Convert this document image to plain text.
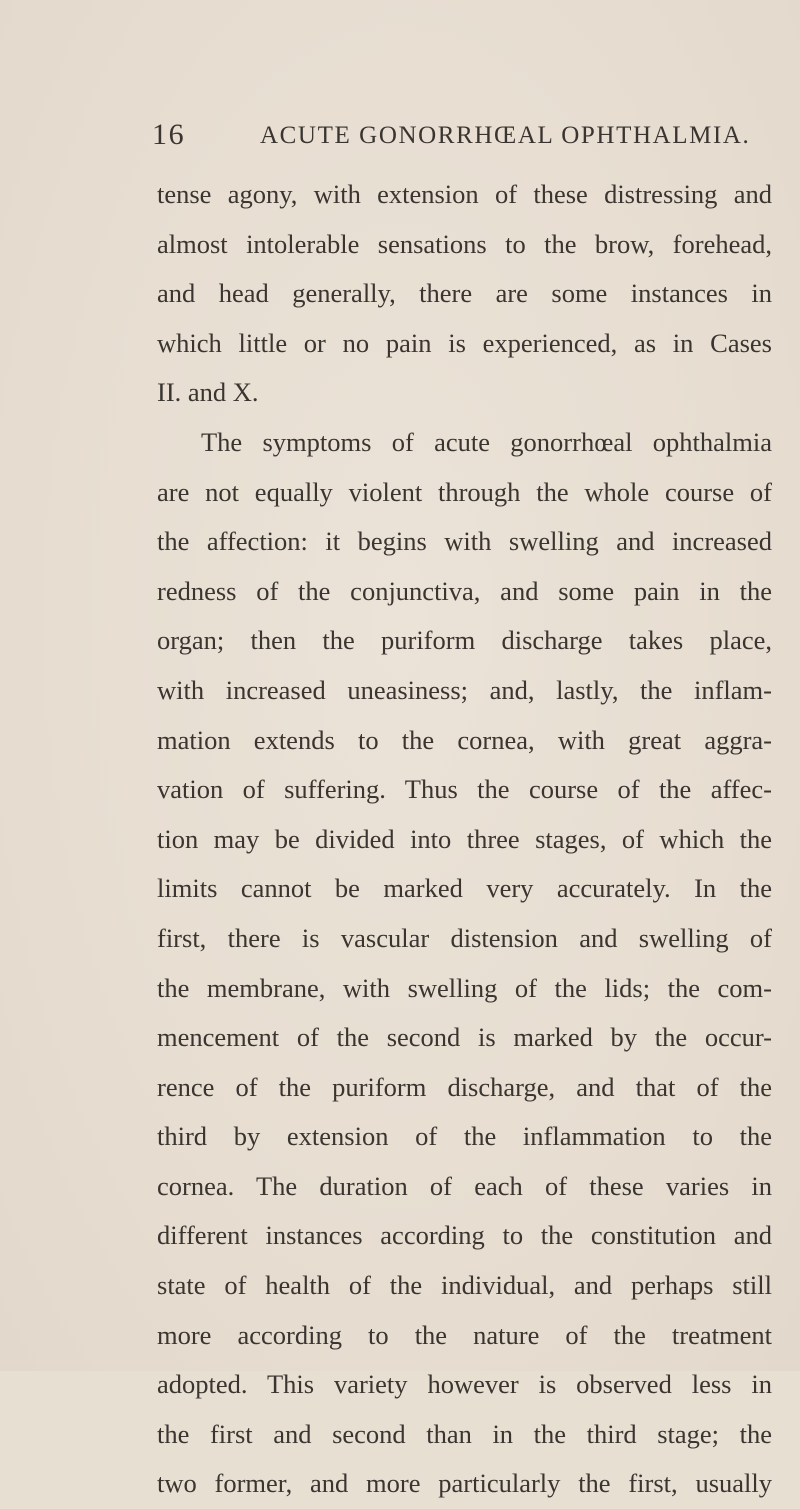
16	ACUTE GONORRHŒAL OPHTHALMIA.
tense agony, with extension of these distressing and
almost intolerable sensations to the brow, forehead,
and head generally, there are some instances in
which little or no pain is experienced, as in Cases
II. and X.
The symptoms of acute gonorrhœal ophthalmia
are not equally violent through the whole course of
the affection: it begins with swelling and increased
redness of the conjunctiva, and some pain in the
organ; then the puriform discharge takes place,
with increased uneasiness; and, lastly, the inflam-
mation extends to the cornea, with great aggra-
vation of suffering. Thus the course of the affec-
tion may be divided into three stages, of which the
limits cannot be marked very accurately. In the
first, there is vascular distension and swelling of
the membrane, with swelling of the lids; the com-
mencement of the second is marked by the occur-
rence of the puriform discharge, and that of the
third by extension of the inflammation to the
cornea. The duration of each of these varies in
different instances according to the constitution and
state of health of the individual, and perhaps still
more according to the nature of the treatment
adopted. This variety however is observed less in
the first and second than in the third stage; the
two former, and more particularly the first, usually
